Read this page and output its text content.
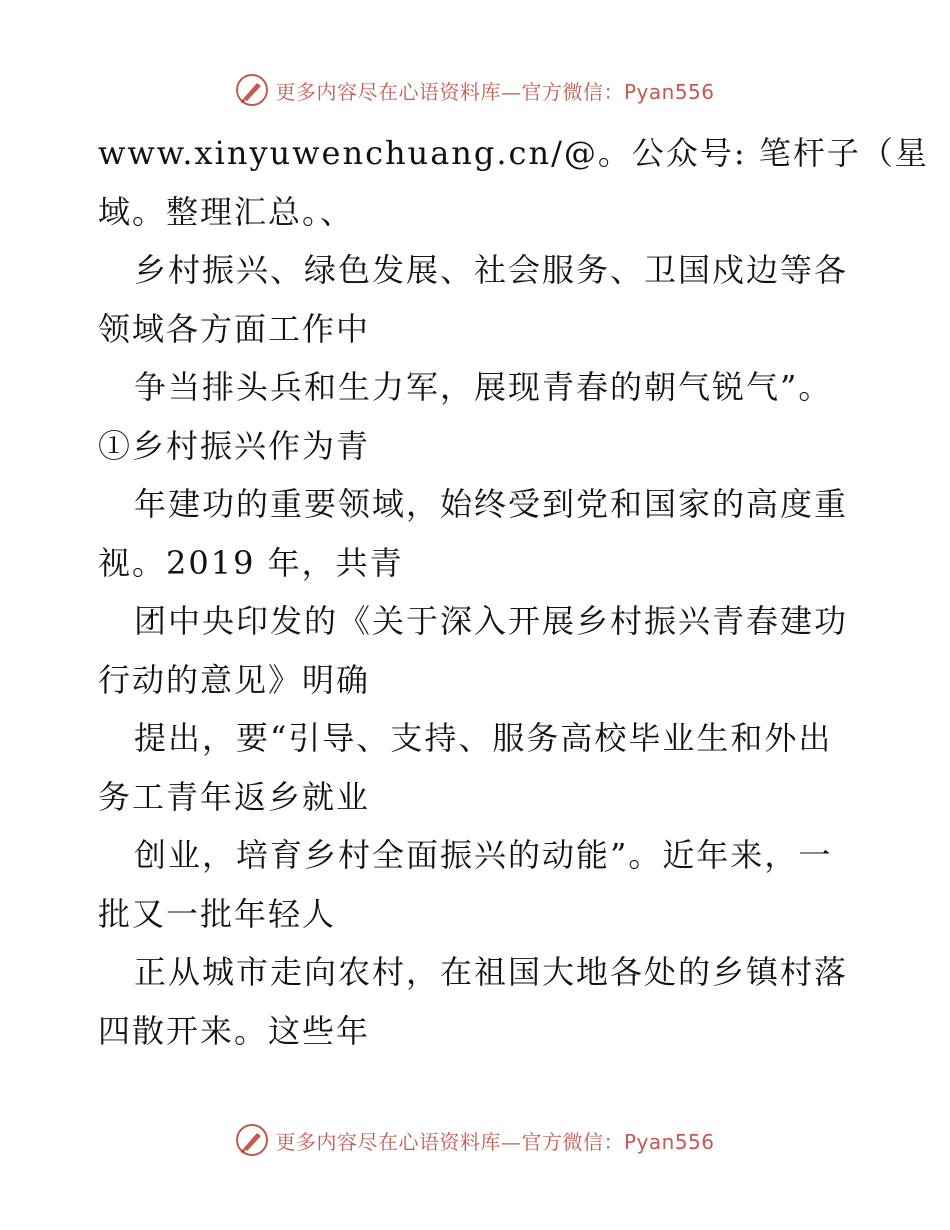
更多内容尽在心语资料库—官方微信：Pyan556
www.xinyuwenchuang.cn/@。公众号: 笔杆子（星
域。整理汇总。、
乡村振兴、绿色发展、社会服务、卫国戍边等各
领域各方面工作中
争当排头兵和生力军，展现青春的朝气锐气”。
①乡村振兴作为青
年建功的重要领域，始终受到党和国家的高度重
视。2019 年，共青
团中央印发的《关于深入开展乡村振兴青春建功
行动的意见》明确
提出，要“引导、支持、服务高校毕业生和外出
务工青年返乡就业
创业，培育乡村全面振兴的动能”。近年来，一
批又一批年轻人
正从城市走向农村，在祖国大地各处的乡镇村落
四散开来。这些年
更多内容尽在心语资料库—官方微信：Pyan556
